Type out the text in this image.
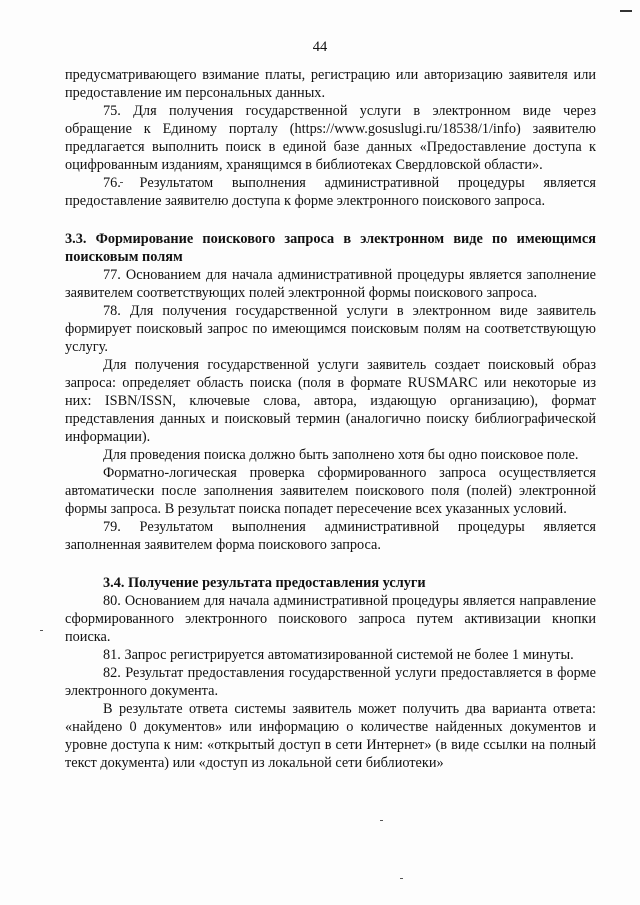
44

предусматривающего взимание платы, регистрацию или авторизацию заявителя или предоставление им персональных данных.

75. Для получения государственной услуги в электронном виде через обращение к Единому порталу (https://www.gosuslugi.ru/18538/1/info) заявителю предлагается выполнить поиск в единой базе данных «Предоставление доступа к оцифрованным изданиям, хранящимся в библиотеках Свердловской области».

76. Результатом выполнения административной процедуры является предоставление заявителю доступа к форме электронного поискового запроса.

3.3. Формирование поискового запроса в электронном виде по имеющимся поисковым полям

77. Основанием для начала административной процедуры является заполнение заявителем соответствующих полей электронной формы поискового запроса.

78. Для получения государственной услуги в электронном виде заявитель формирует поисковый запрос по имеющимся поисковым полям на соответствующую услугу.

Для получения государственной услуги заявитель создает поисковый образ запроса: определяет область поиска (поля в формате RUSMARC или некоторые из них: ISBN/ISSN, ключевые слова, автора, издающую организацию), формат представления данных и поисковый термин (аналогично поиску библиографической информации).

Для проведения поиска должно быть заполнено хотя бы одно поисковое поле.

Форматно-логическая проверка сформированного запроса осуществляется автоматически после заполнения заявителем поискового поля (полей) электронной формы запроса. В результат поиска попадет пересечение всех указанных условий.

79. Результатом выполнения административной процедуры является заполненная заявителем форма поискового запроса.

3.4. Получение результата предоставления услуги

80. Основанием для начала административной процедуры является направление сформированного электронного поискового запроса путем активизации кнопки поиска.

81. Запрос регистрируется автоматизированной системой не более 1 минуты.

82. Результат предоставления государственной услуги предоставляется в форме электронного документа.

В результате ответа системы заявитель может получить два варианта ответа: «найдено 0 документов» или информацию о количестве найденных документов и уровне доступа к ним: «открытый доступ в сети Интернет» (в виде ссылки на полный текст документа) или «доступ из локальной сети библиотеки»
